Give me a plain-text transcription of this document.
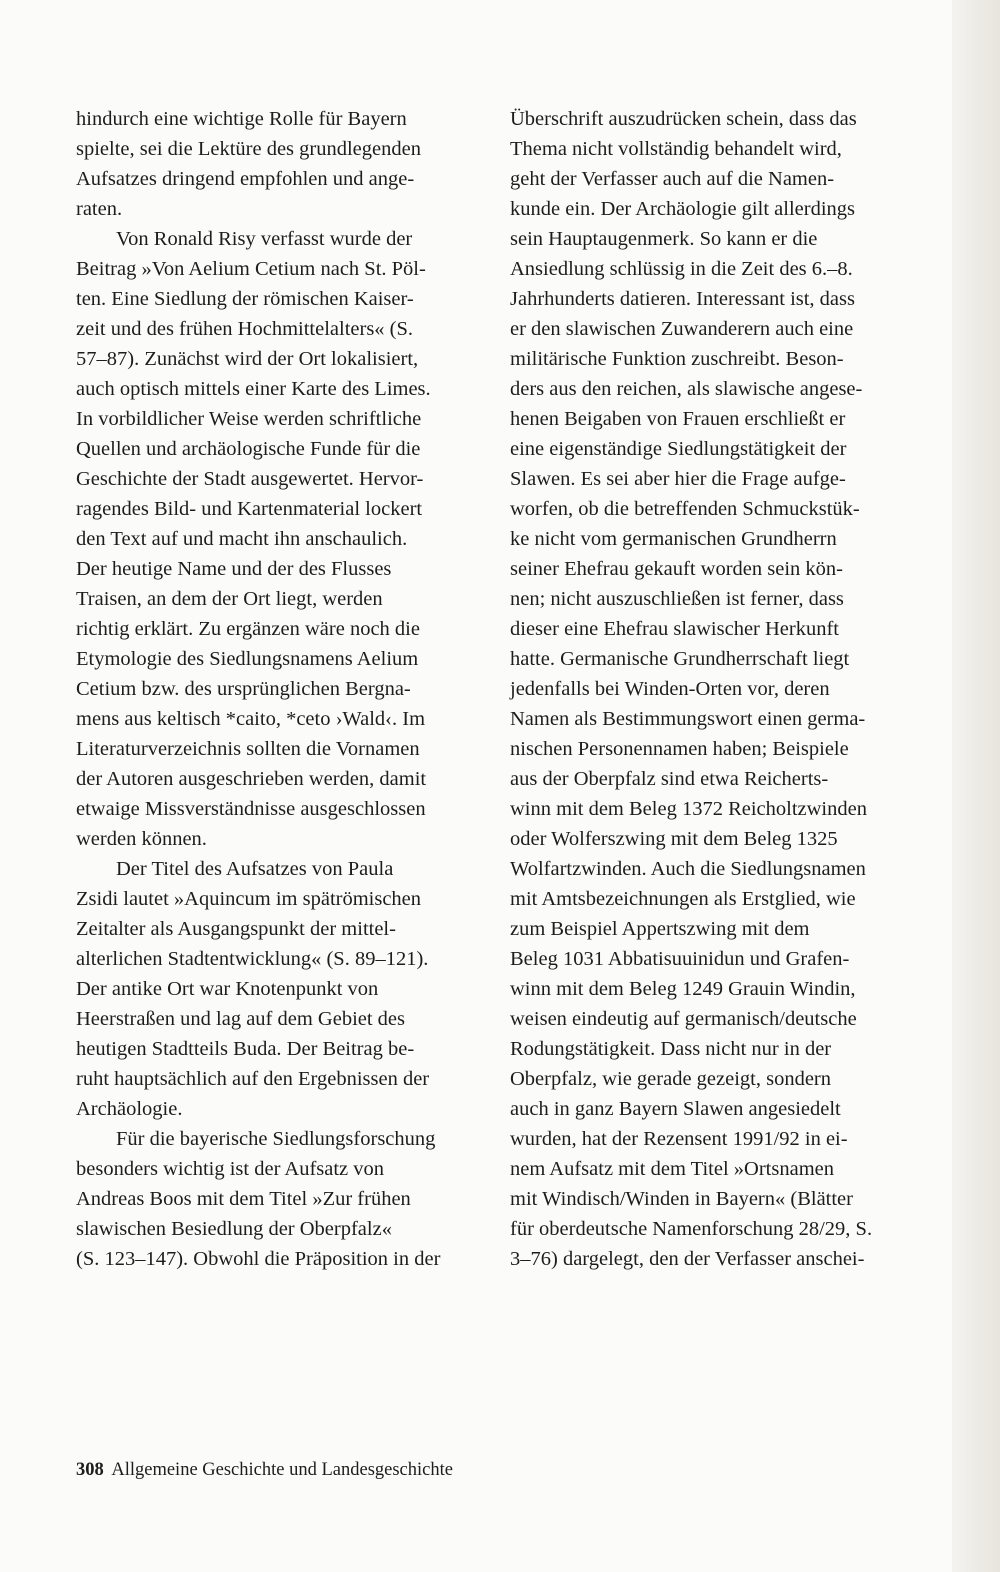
hindurch eine wichtige Rolle für Bayern
spielte, sei die Lektüre des grundlegenden
Aufsatzes dringend empfohlen und ange-
raten.
Von Ronald Risy verfasst wurde der
Beitrag »Von Aelium Cetium nach St. Pöl-
ten. Eine Siedlung der römischen Kaiser-
zeit und des frühen Hochmittelalters« (S.
57–87). Zunächst wird der Ort lokalisiert,
auch optisch mittels einer Karte des Limes.
In vorbildlicher Weise werden schriftliche
Quellen und archäologische Funde für die
Geschichte der Stadt ausgewertet. Hervor-
ragendes Bild- und Kartenmaterial lockert
den Text auf und macht ihn anschaulich.
Der heutige Name und der des Flusses
Traisen, an dem der Ort liegt, werden
richtig erklärt. Zu ergänzen wäre noch die
Etymologie des Siedlungsnamens Aelium
Cetium bzw. des ursprünglichen Bergna-
mens aus keltisch *caito, *ceto ›Wald‹. Im
Literaturverzeichnis sollten die Vornamen
der Autoren ausgeschrieben werden, damit
etwaige Missverständnisse ausgeschlossen
werden können.
Der Titel des Aufsatzes von Paula
Zsidi lautet »Aquincum im spätrömischen
Zeitalter als Ausgangspunkt der mittel-
alterlichen Stadtentwicklung« (S. 89–121).
Der antike Ort war Knotenpunkt von
Heerstraßen und lag auf dem Gebiet des
heutigen Stadtteils Buda. Der Beitrag be-
ruht hauptsächlich auf den Ergebnissen der
Archäologie.
Für die bayerische Siedlungsforschung
besonders wichtig ist der Aufsatz von
Andreas Boos mit dem Titel »Zur frühen
slawischen Besiedlung der Oberpfalz«
(S. 123–147). Obwohl die Präposition in der
Überschrift auszudrücken schein, dass das
Thema nicht vollständig behandelt wird,
geht der Verfasser auch auf die Namen-
kunde ein. Der Archäologie gilt allerdings
sein Hauptaugenmerk. So kann er die
Ansiedlung schlüssig in die Zeit des 6.–8.
Jahrhunderts datieren. Interessant ist, dass
er den slawischen Zuwanderern auch eine
militärische Funktion zuschreibt. Beson-
ders aus den reichen, als slawische angese-
henen Beigaben von Frauen erschließt er
eine eigenständige Siedlungstätigkeit der
Slawen. Es sei aber hier die Frage aufge-
worfen, ob die betreffenden Schmuckstük-
ke nicht vom germanischen Grundherrn
seiner Ehefrau gekauft worden sein kön-
nen; nicht auszuschließen ist ferner, dass
dieser eine Ehefrau slawischer Herkunft
hatte. Germanische Grundherrschaft liegt
jedenfalls bei Winden-Orten vor, deren
Namen als Bestimmungswort einen germa-
nischen Personennamen haben; Beispiele
aus der Oberpfalz sind etwa Reicherts-
winn mit dem Beleg 1372 Reicholtzwinden
oder Wolferszwing mit dem Beleg 1325
Wolfartzwinden. Auch die Siedlungsnamen
mit Amtsbezeichnungen als Erstglied, wie
zum Beispiel Appertszwing mit dem
Beleg 1031 Abbatisuuinidun und Grafen-
winn mit dem Beleg 1249 Grauin Windin,
weisen eindeutig auf germanisch/deutsche
Rodungstätigkeit. Dass nicht nur in der
Oberpfalz, wie gerade gezeigt, sondern
auch in ganz Bayern Slawen angesiedelt
wurden, hat der Rezensent 1991/92 in ei-
nem Aufsatz mit dem Titel »Ortsnamen
mit Windisch/Winden in Bayern« (Blätter
für oberdeutsche Namenforschung 28/29, S.
3–76) dargelegt, den der Verfasser anschei-
308 Allgemeine Geschichte und Landesgeschichte
